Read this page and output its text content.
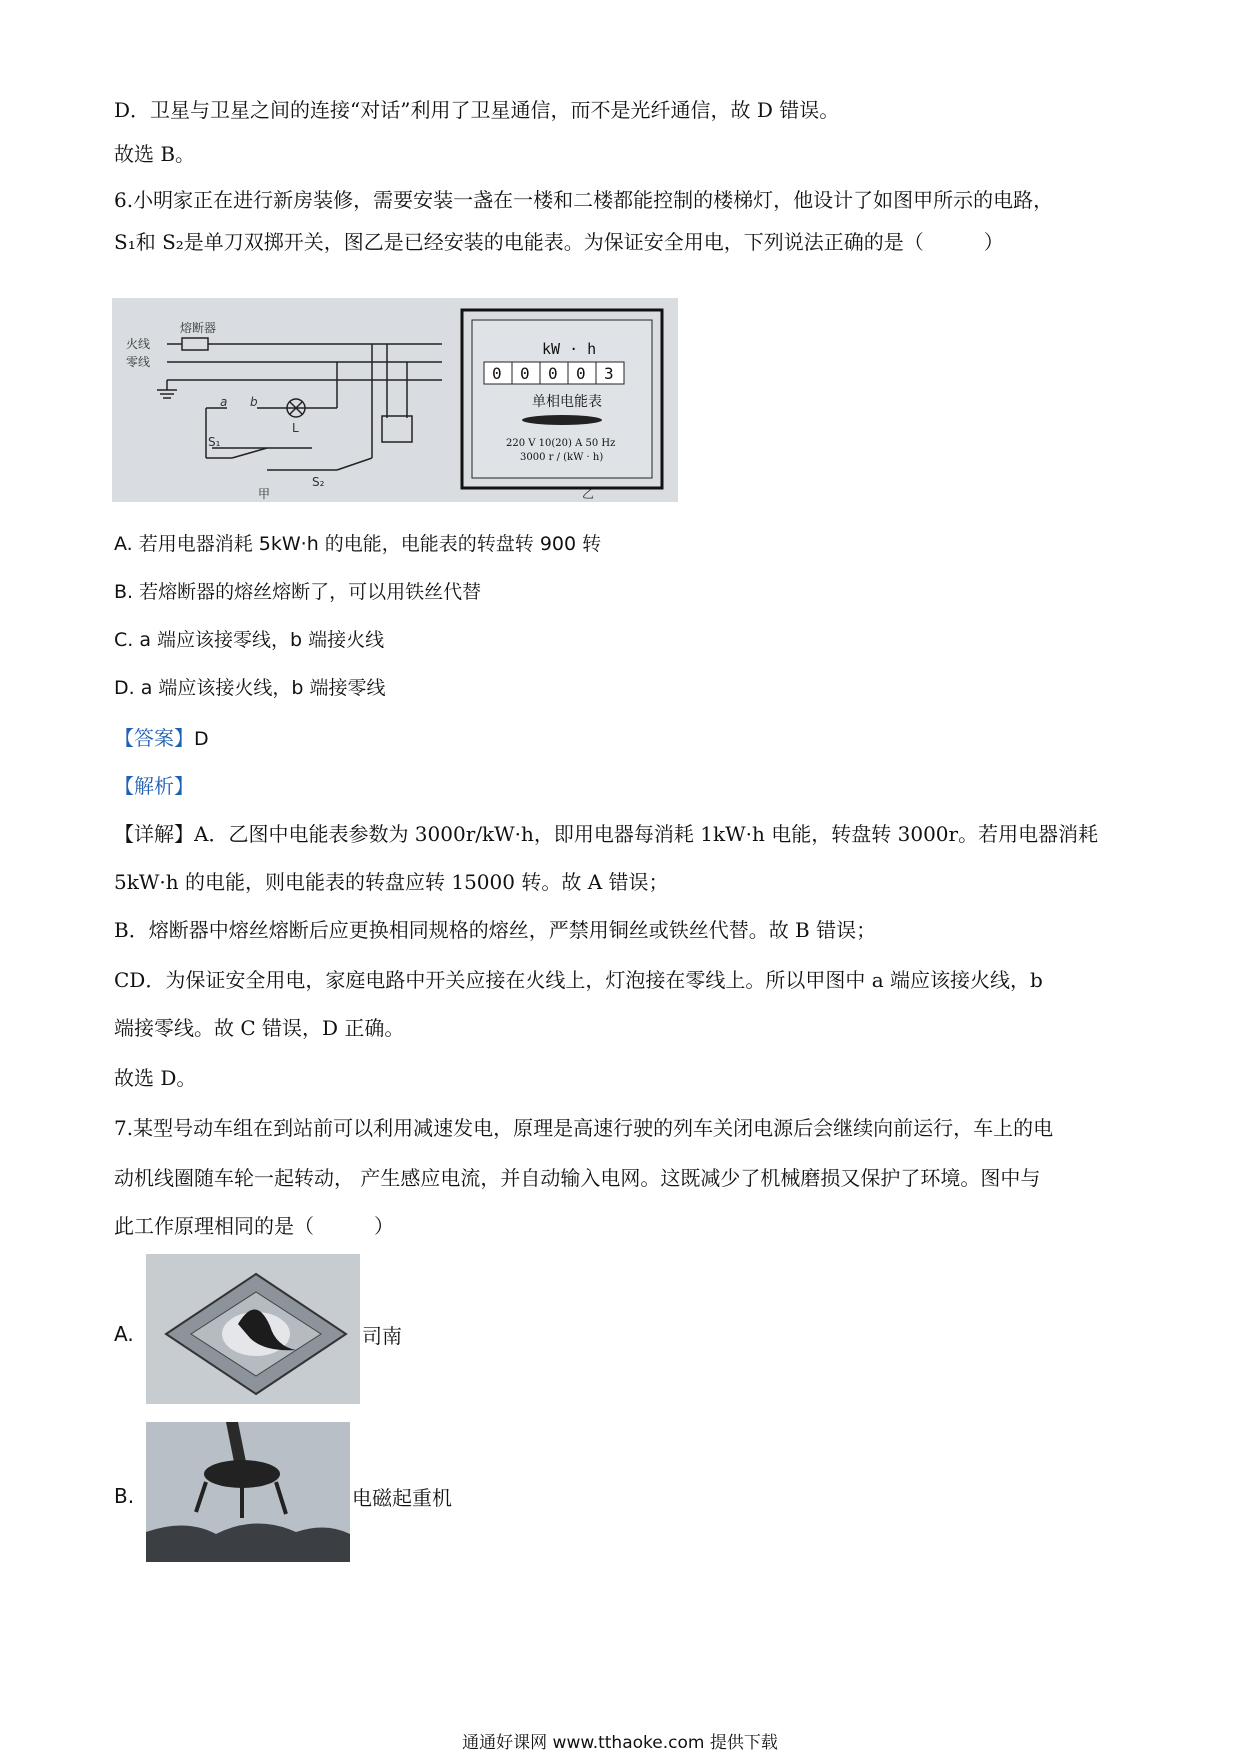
D．卫星与卫星之间的连接“对话”利用了卫星通信，而不是光纤通信，故 D 错误。
故选 B。
6.小明家正在进行新房装修，需要安装一盏在一楼和二楼都能控制的楼梯灯，他设计了如图甲所示的电路，
S₁和 S₂是单刀双掷开关，图乙是已经安装的电能表。为保证安全用电，下列说法正确的是（　　　）
熔断器
火线
零线
a b
L
S₁
S₂
甲	乙
kW · h
0 0 0 0 3
单相电能表
220 V 10(20) A 50 Hz
3000 r / (kW · h)
A. 若用电器消耗 5kW·h 的电能，电能表的转盘转 900 转
B. 若熔断器的熔丝熔断了，可以用铁丝代替
C. a 端应该接零线，b 端接火线
D. a 端应该接火线，b 端接零线
【答案】D
【解析】
【详解】A．乙图中电能表参数为 3000r/kW·h，即用电器每消耗 1kW·h 电能，转盘转 3000r。若用电器消耗
5kW·h 的电能，则电能表的转盘应转 15000 转。故 A 错误；
B．熔断器中熔丝熔断后应更换相同规格的熔丝，严禁用铜丝或铁丝代替。故 B 错误；
CD．为保证安全用电，家庭电路中开关应接在火线上，灯泡接在零线上。所以甲图中 a 端应该接火线，b
端接零线。故 C 错误，D 正确。
故选 D。
7.某型号动车组在到站前可以利用减速发电，原理是高速行驶的列车关闭电源后会继续向前运行，车上的电
动机线圈随车轮一起转动， 产生感应电流，并自动输入电网。这既减少了机械磨损又保护了环境。图中与
此工作原理相同的是（　　　）
A.	司南
B.	电磁起重机
通通好课网 www.tthaoke.com 提供下载
